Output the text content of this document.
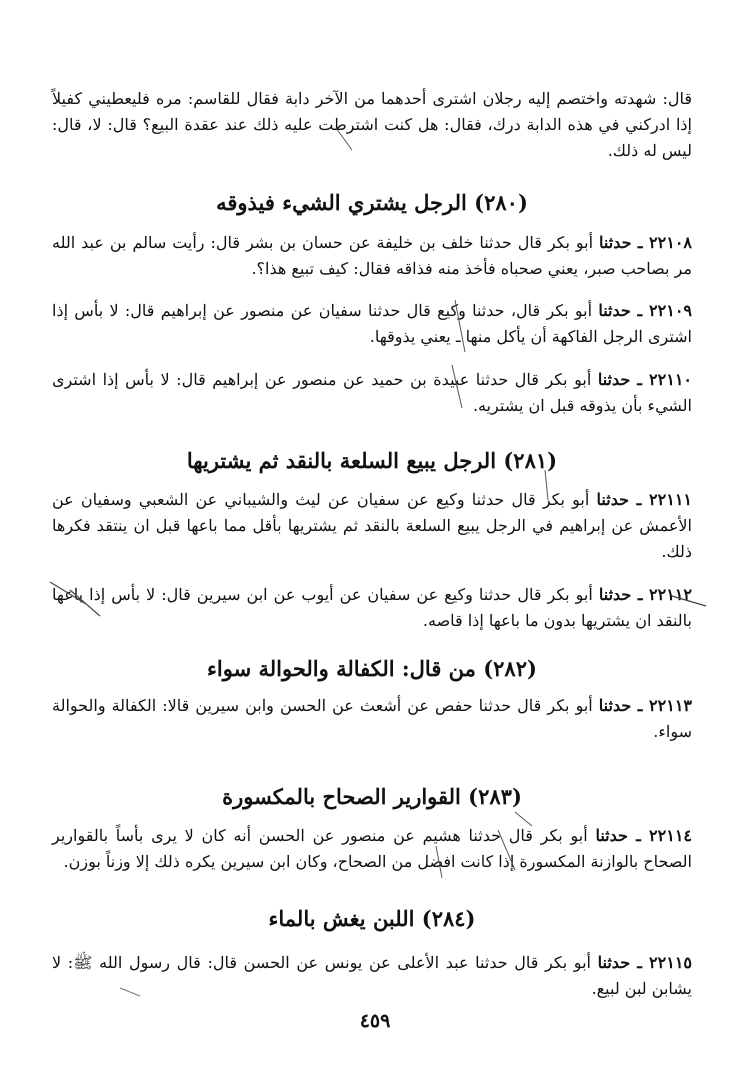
قال: شهدته واختصم إليه رجلان اشترى أحدهما من الآخر دابة فقال للقاسم: مره فليعطيني كفيلاً إذا ادركني في هذه الدابة درك، فقال: هل كنت اشترطت عليه ذلك عند عقدة البيع؟ قال: لا، قال: ليس له ذلك.

(٢٨٠) الرجل يشتري الشيء فيذوقه

٢٢١٠٨ ـ حدثنا أبو بكر قال حدثنا خلف بن خليفة عن حسان بن بشر قال: رأيت سالم بن عبد الله مر بصاحب صبر، يعني صحباه فأخذ منه فذاقه فقال: كيف تبيع هذا؟.

٢٢١٠٩ ـ حدثنا أبو بكر قال، حدثنا وكيع قال حدثنا سفيان عن منصور عن إبراهيم قال: لا بأس إذا اشترى الرجل الفاكهة أن يأكل منها ـ يعني يذوقها.

٢٢١١٠ ـ حدثنا أبو بكر قال حدثنا عبيدة بن حميد عن منصور عن إبراهيم قال: لا بأس إذا اشترى الشيء بأن يذوقه قبل ان يشتريه.

(٢٨١) الرجل يبيع السلعة بالنقد ثم يشتريها

٢٢١١١ ـ حدثنا أبو بكر قال حدثنا وكيع عن سفيان عن ليث والشيباني عن الشعبي وسفيان عن الأعمش عن إبراهيم في الرجل يبيع السلعة بالنقد ثم يشتريها بأقل مما باعها قبل ان ينتقد فكرها ذلك.

٢٢١١٢ ـ حدثنا أبو بكر قال حدثنا وكيع عن سفيان عن أيوب عن ابن سيرين قال: لا بأس إذا باعها بالنقد ان يشتريها بدون ما باعها إذا قاصه.

(٢٨٢) من قال: الكفالة والحوالة سواء

٢٢١١٣ ـ حدثنا أبو بكر قال حدثنا حفص عن أشعث عن الحسن وابن سيرين قالا: الكفالة والحوالة سواء.

(٢٨٣) القوارير الصحاح بالمكسورة

٢٢١١٤ ـ حدثنا أبو بكر قال حدثنا هشيم عن منصور عن الحسن أنه كان لا يرى بأساً بالقوارير الصحاح بالوازنة المكسورة إذا كانت افضل من الصحاح، وكان ابن سيرين يكره ذلك إلا وزناً بوزن.

(٢٨٤) اللبن يغش بالماء

٢٢١١٥ ـ حدثنا أبو بكر قال حدثنا عبد الأعلى عن يونس عن الحسن قال: قال رسول الله ﷺ: لا يشابن لبن لبيع.

٤٥٩
